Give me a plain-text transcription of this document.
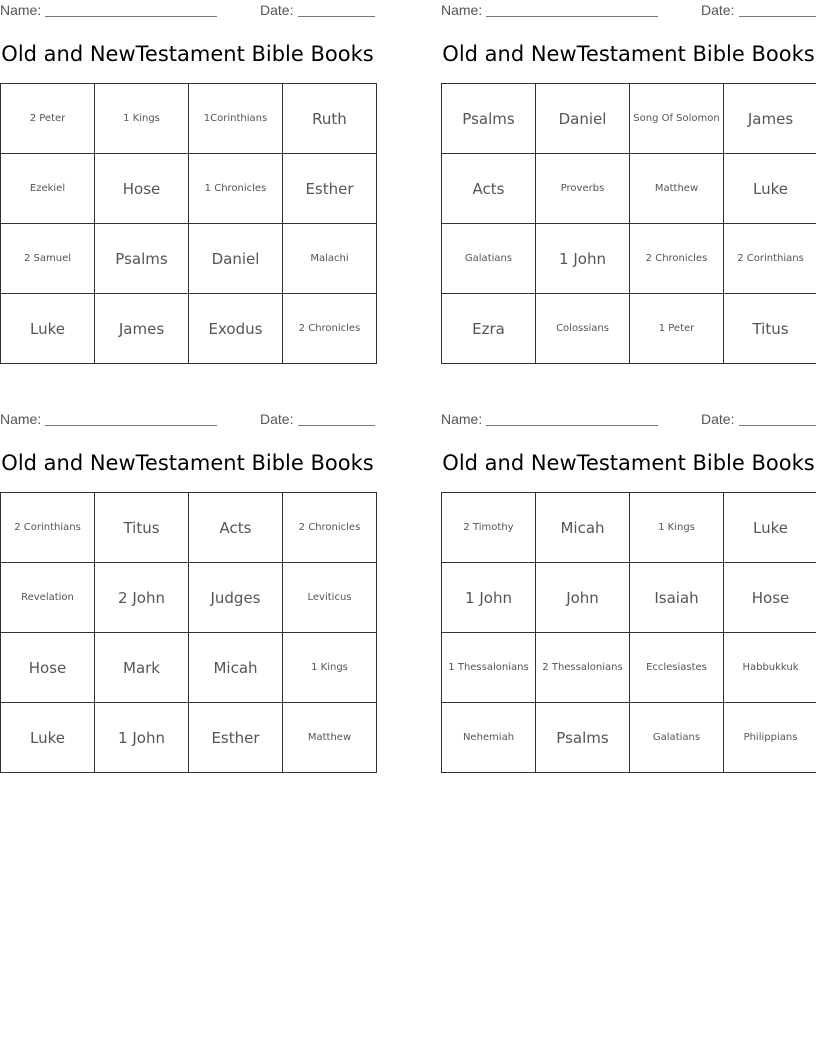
Name:	Date:
Old and NewTestament Bible Books
2 Peter	1 Kings	1Corinthians	Ruth
Ezekiel	Hose	1 Chronicles	Esther
2 Samuel	Psalms	Daniel	Malachi
Luke	James	Exodus	2 Chronicles
Name:	Date:
Old and NewTestament Bible Books
Psalms	Daniel	Song Of Solomon	James
Acts	Proverbs	Matthew	Luke
Galatians	1 John	2 Chronicles	2 Corinthians
Ezra	Colossians	1 Peter	Titus
Name:	Date:
Old and NewTestament Bible Books
2 Corinthians	Titus	Acts	2 Chronicles
Revelation	2 John	Judges	Leviticus
Hose	Mark	Micah	1 Kings
Luke	1 John	Esther	Matthew
Name:	Date:
Old and NewTestament Bible Books
2 Timothy	Micah	1 Kings	Luke
1 John	John	Isaiah	Hose
1 Thessalonians	2 Thessalonians	Ecclesiastes	Habbukkuk
Nehemiah	Psalms	Galatians	Philippians
